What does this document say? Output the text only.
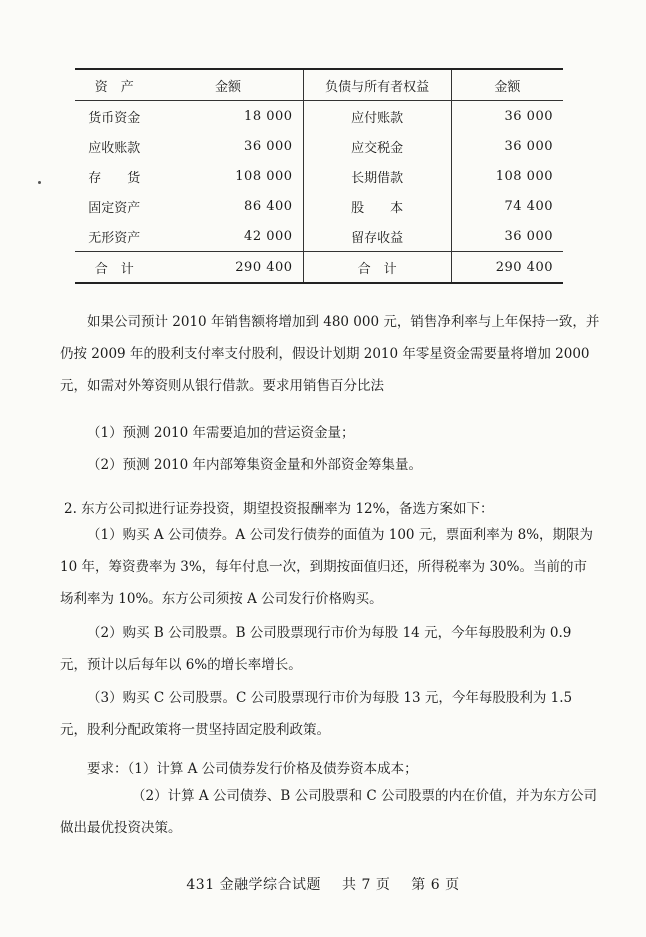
资　产	金额	负债与所有者权益	金额
货币资金	18 000	应付账款	36 000
应收账款	36 000	应交税金	36 000
存　　货	108 000	长期借款	108 000
固定资产	86 400	股　　本	74 400
无形资产	42 000	留存收益	36 000
合　计	290 400	合　计	290 400

如果公司预计 2010 年销售额将增加到 480 000 元，销售净利率与上年保持一致，并仍按 2009 年的股利支付率支付股利，假设计划期 2010 年零星资金需要量将增加 2000 元，如需对外筹资则从银行借款。要求用销售百分比法

（1）预测 2010 年需要追加的营运资金量；

（2）预测 2010 年内部筹集资金量和外部资金筹集量。

2. 东方公司拟进行证券投资，期望投资报酬率为 12%，备选方案如下：

（1）购买 A 公司债券。A 公司发行债券的面值为 100 元，票面利率为 8%，期限为 10 年，筹资费率为 3%，每年付息一次，到期按面值归还，所得税率为 30%。当前的市场利率为 10%。东方公司须按 A 公司发行价格购买。

（2）购买 B 公司股票。B 公司股票现行市价为每股 14 元，今年每股股利为 0.9 元，预计以后每年以 6%的增长率增长。

（3）购买 C 公司股票。C 公司股票现行市价为每股 13 元，今年每股股利为 1.5 元，股利分配政策将一贯坚持固定股利政策。

要求：（1）计算 A 公司债券发行价格及债券资本成本；

（2）计算 A 公司债券、B 公司股票和 C 公司股票的内在价值，并为东方公司做出最优投资决策。

431 金融学综合试题 共 7 页 第 6 页
